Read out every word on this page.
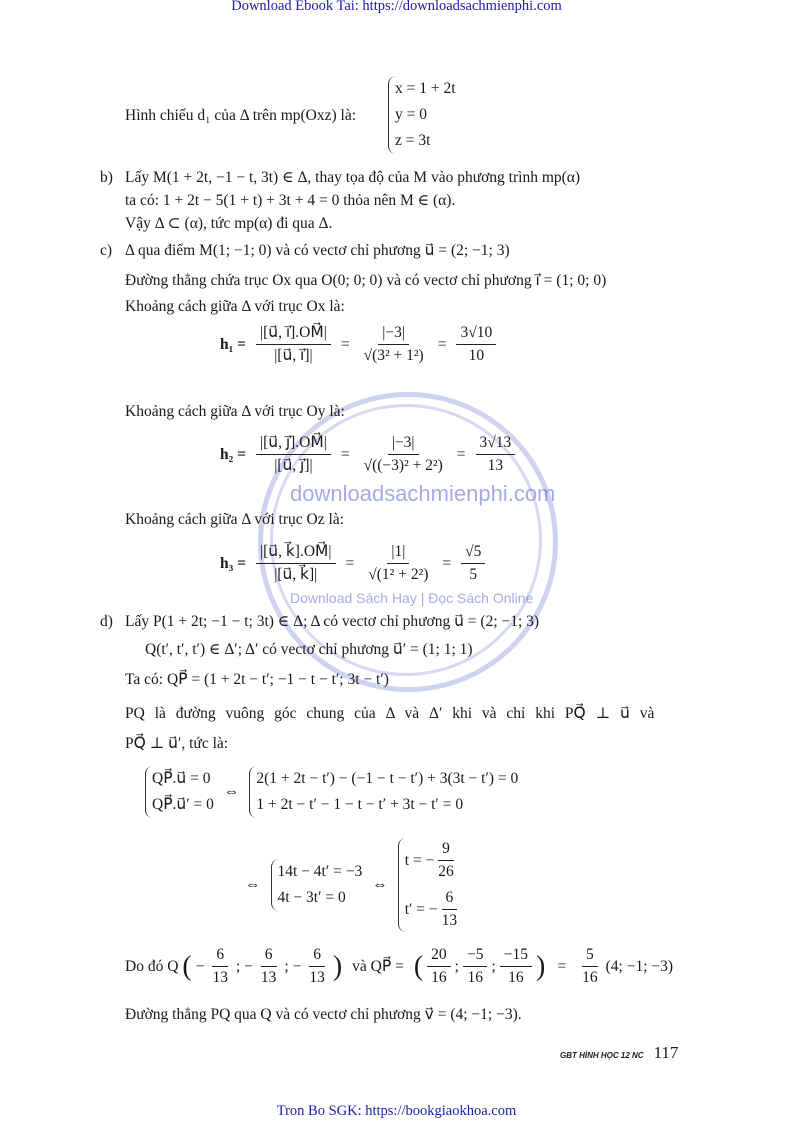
Download Ebook Tai: https://downloadsachmienphi.com
downloadsachmienphi.com
Download Sách Hay | Đọc Sách Online
Hình chiếu d₁ của Δ trên mp(Oxz) là:
x = 1 + 2t
y = 0
z = 3t
b) Lấy M(1 + 2t, −1 − t, 3t) ∈ Δ, thay tọa độ của M vào phương trình mp(α)
ta có: 1 + 2t − 5(1 + t) + 3t + 4 = 0 thỏa nên M ∈ (α).
Vậy Δ ⊂ (α), tức mp(α) đi qua Δ.
c) Δ qua điểm M(1; −1; 0) và có vectơ chỉ phương u⃗ = (2; −1; 3)
Đường thẳng chứa trục Ox qua O(0; 0; 0) và có vectơ chỉ phương i⃗ = (1; 0; 0)
Khoảng cách giữa Δ với trục Ox là:
$h_1 = \frac{|[u⃗, i⃗].OM⃗|}{|[u⃗, i⃗]|} = \frac{|-3|}{\text{√(3² + 1²)}} = \frac{3√10}{10}$
Khoảng cách giữa Δ với trục Oy là:
$h_2 = \frac{|[u⃗, j⃗].OM⃗|}{|[u⃗, j⃗]|} = \frac{|-3|}{\text{√((−3)² + 2²)}} = \frac{3√13}{13}$
Khoảng cách giữa Δ với trục Oz là:
$h_3 = \frac{|[u⃗, k⃗].OM⃗|}{|[u⃗, k⃗]|} = \frac{|1|}{\text{√(1² + 2²)}} = \frac{√5}{5}$
d) Lấy P(1 + 2t; −1 − t; 3t) ∈ Δ; Δ có vectơ chỉ phương u⃗ = (2; −1; 3)
Q(t′, t′, t′) ∈ Δ′; Δ′ có vectơ chỉ phương u⃗′ = (1; 1; 1)
Ta có: QP⃗ = (1 + 2t − t′; −1 − t − t′; 3t − t′)
PQ là đường vuông góc chung của Δ và Δ′ khi và chỉ khi PQ⃗ ⊥ u⃗ và
PQ⃗ ⊥ u⃗′, tức là:
QP⃗.u⃗ = 0
QP⃗.u⃗′ = 0
⇔
2(1 + 2t − t′) − (−1 − t − t′) + 3(3t − t′) = 0
1 + 2t − t′ − 1 − t − t′ + 3t − t′ = 0
⇔
14t − 4t′ = −3
4t − 3t′ = 0
⇔
t = − $\frac{9}{26}$
t′ = − $\frac{6}{13}$
Do đó Q ( − $\frac{6}{13}$ ; − $\frac{6}{13}$ ; − $\frac{6}{13}$ ) và QP⃗ = ( $\frac{20}{16}$ ; $\frac{-5}{16}$ ; $\frac{-15}{16}$ ) = $\frac{5}{16} (4$; −1; −3)
Đường thẳng PQ qua Q và có vectơ chỉ phương v⃗ = (4; −1; −3).
GBT HÌNH HỌC 12 NC 117
Tron Bo SGK: https://bookgiaokhoa.com
